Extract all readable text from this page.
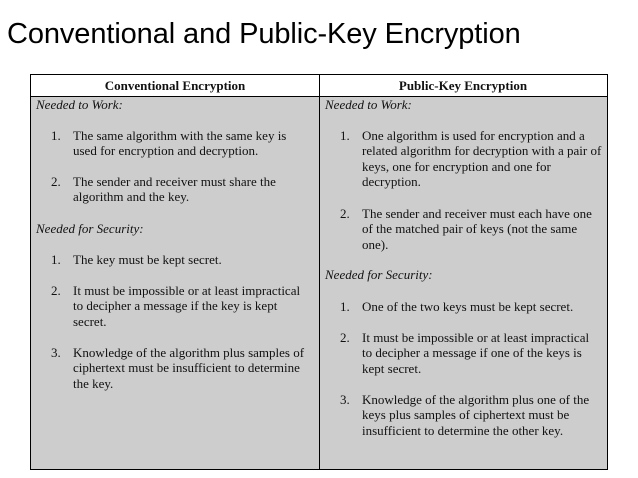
Conventional and Public-Key Encryption
Conventional Encryption	Public-Key Encryption
Needed to Work:
1. The same algorithm with the same key is used for encryption and decryption.
2. The sender and receiver must share the algorithm and the key.
Needed for Security:
1. The key must be kept secret.
2. It must be impossible or at least impractical to decipher a message if the key is kept secret.
3. Knowledge of the algorithm plus samples of ciphertext must be insufficient to determine the key.
Needed to Work:
1. One algorithm is used for encryption and a related algorithm for decryption with a pair of keys, one for encryption and one for decryption.
2. The sender and receiver must each have one of the matched pair of keys (not the same one).
Needed for Security:
1. One of the two keys must be kept secret.
2. It must be impossible or at least impractical to decipher a message if one of the keys is kept secret.
3. Knowledge of the algorithm plus one of the keys plus samples of ciphertext must be insufficient to determine the other key.
